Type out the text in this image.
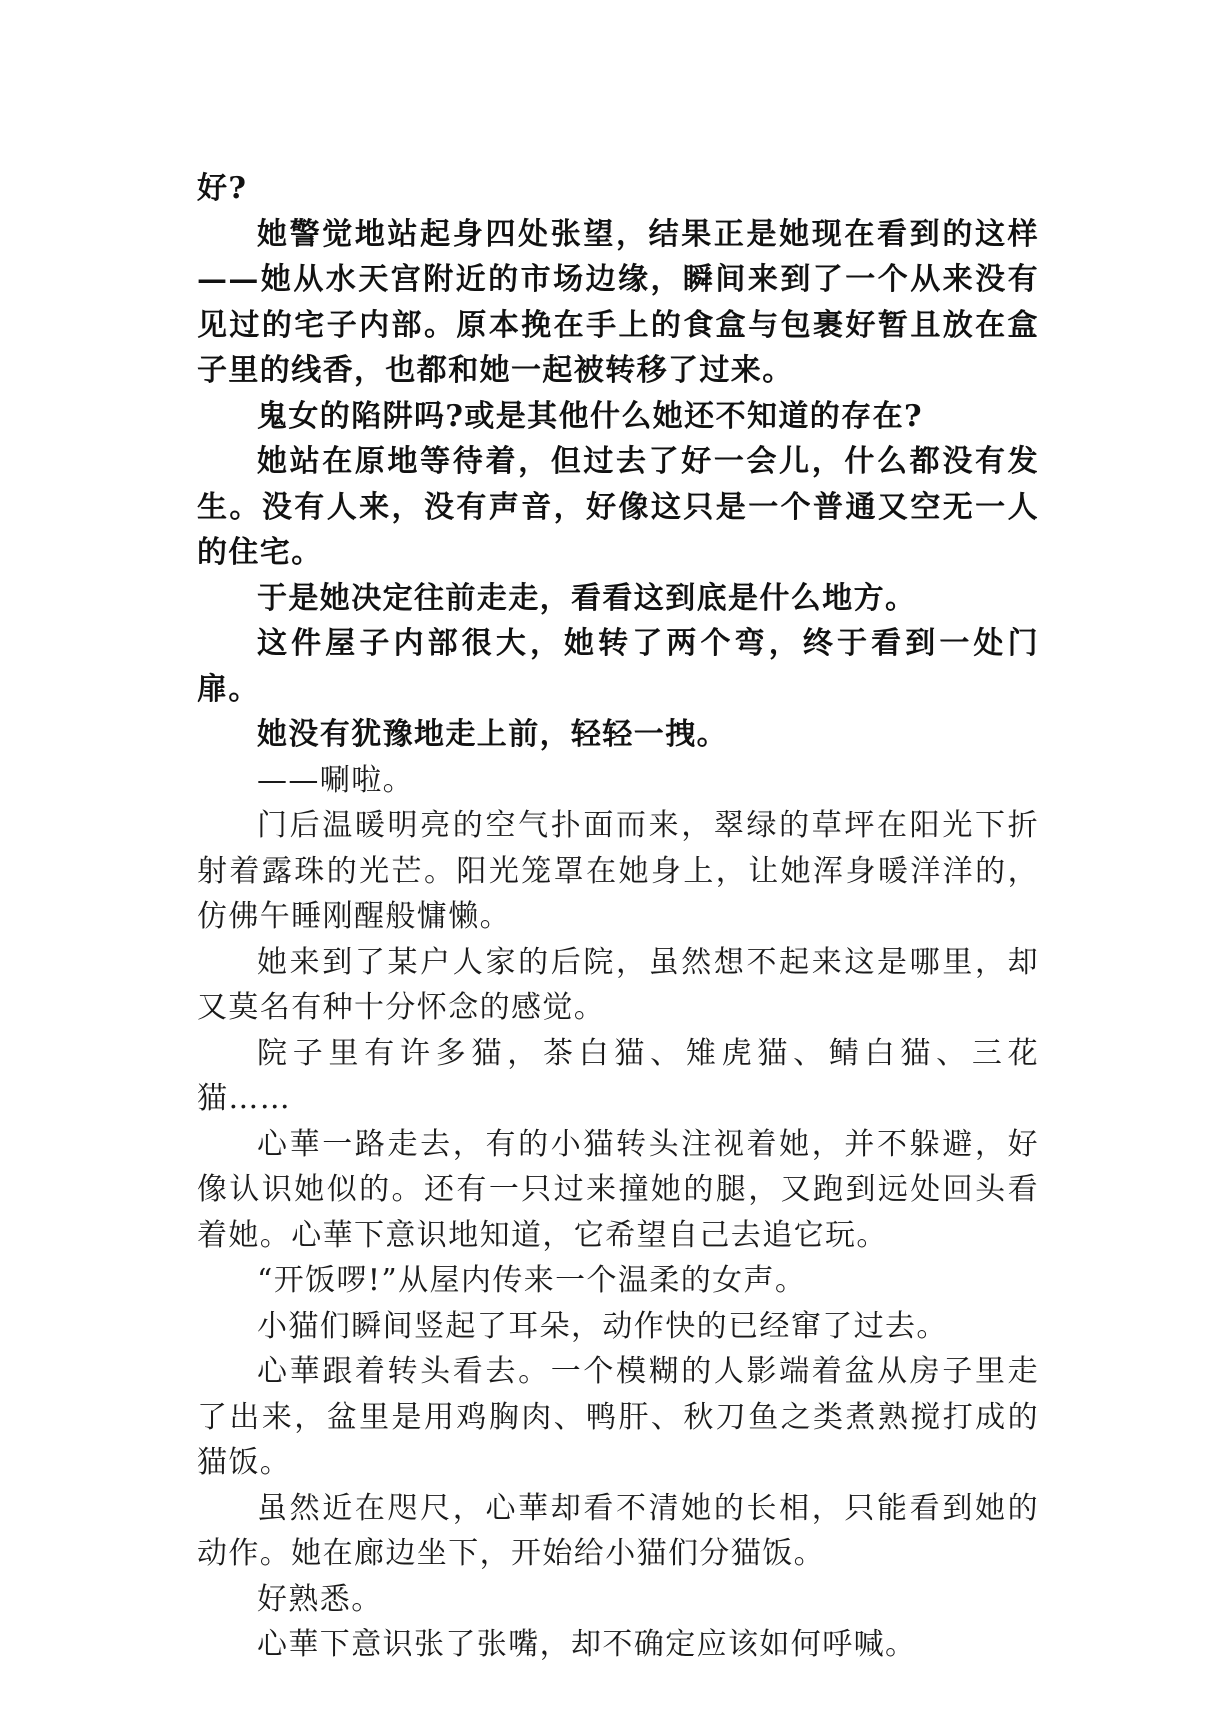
好?

她警觉地站起身四处张望，结果正是她现在看到的这样——她从水天宫附近的市场边缘，瞬间来到了一个从来没有见过的宅子内部。原本挽在手上的食盒与包裹好暂且放在盒子里的线香，也都和她一起被转移了过来。

鬼女的陷阱吗?或是其他什么她还不知道的存在?

她站在原地等待着，但过去了好一会儿，什么都没有发生。没有人来，没有声音，好像这只是一个普通又空无一人的住宅。

于是她决定往前走走，看看这到底是什么地方。

这件屋子内部很大，她转了两个弯，终于看到一处门扉。

她没有犹豫地走上前，轻轻一拽。

——唰啦。

门后温暖明亮的空气扑面而来，翠绿的草坪在阳光下折射着露珠的光芒。阳光笼罩在她身上，让她浑身暖洋洋的，仿佛午睡刚醒般慵懒。

她来到了某户人家的后院，虽然想不起来这是哪里，却又莫名有种十分怀念的感觉。

院子里有许多猫，茶白猫、雉虎猫、鲭白猫、三花猫……

心華一路走去，有的小猫转头注视着她，并不躲避，好像认识她似的。还有一只过来撞她的腿，又跑到远处回头看着她。心華下意识地知道，它希望自己去追它玩。

“开饭啰!”从屋内传来一个温柔的女声。

小猫们瞬间竖起了耳朵，动作快的已经窜了过去。

心華跟着转头看去。一个模糊的人影端着盆从房子里走了出来，盆里是用鸡胸肉、鸭肝、秋刀鱼之类煮熟搅打成的猫饭。

虽然近在咫尺，心華却看不清她的长相，只能看到她的动作。她在廊边坐下，开始给小猫们分猫饭。

好熟悉。

心華下意识张了张嘴，却不确定应该如何呼喊。
